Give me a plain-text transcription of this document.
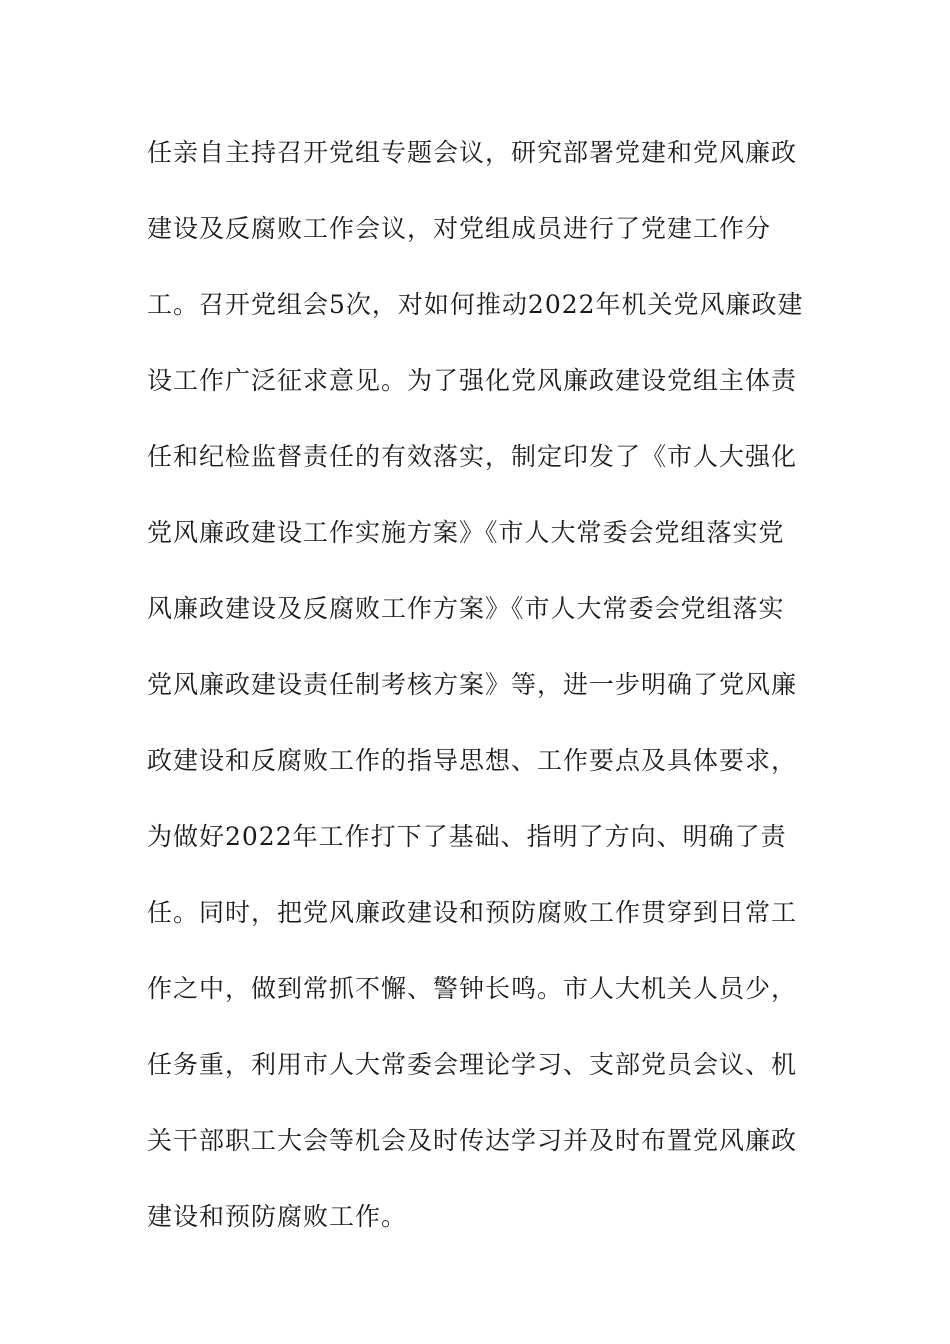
任亲自主持召开党组专题会议，研究部署党建和党风廉政
建设及反腐败工作会议，对党组成员进行了党建工作分
工。召开党组会5次，对如何推动2022年机关党风廉政建
设工作广泛征求意见。为了强化党风廉政建设党组主体责
任和纪检监督责任的有效落实，制定印发了《市人大强化
党风廉政建设工作实施方案》《市人大常委会党组落实党
风廉政建设及反腐败工作方案》《市人大常委会党组落实
党风廉政建设责任制考核方案》等，进一步明确了党风廉
政建设和反腐败工作的指导思想、工作要点及具体要求，
为做好2022年工作打下了基础、指明了方向、明确了责
任。同时，把党风廉政建设和预防腐败工作贯穿到日常工
作之中，做到常抓不懈、警钟长鸣。市人大机关人员少，
任务重，利用市人大常委会理论学习、支部党员会议、机
关干部职工大会等机会及时传达学习并及时布置党风廉政
建设和预防腐败工作。
